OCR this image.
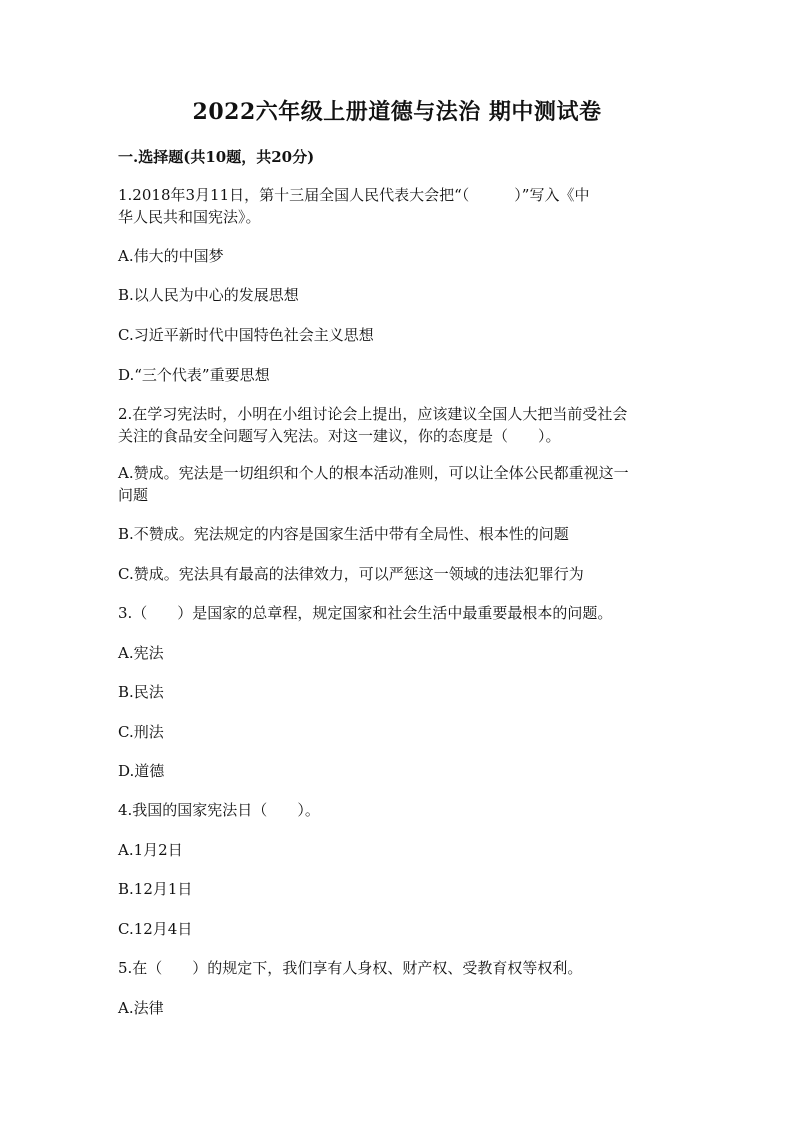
2022六年级上册道德与法治 期中测试卷
一.选择题(共10题，共20分)
1.2018年3月11日，第十三届全国人民代表大会把“（　　　）”写入《中
华人民共和国宪法》。
A.伟大的中国梦
B.以人民为中心的发展思想
C.习近平新时代中国特色社会主义思想
D.“三个代表”重要思想
2.在学习宪法时，小明在小组讨论会上提出，应该建议全国人大把当前受社会
关注的食品安全问题写入宪法。对这一建议，你的态度是（　　）。
A.赞成。宪法是一切组织和个人的根本活动准则，可以让全体公民都重视这一
问题
B.不赞成。宪法规定的内容是国家生活中带有全局性、根本性的问题
C.赞成。宪法具有最高的法律效力，可以严惩这一领域的违法犯罪行为
3.（　　）是国家的总章程，规定国家和社会生活中最重要最根本的问题。
A.宪法
B.民法
C.刑法
D.道德
4.我国的国家宪法日（　　）。
A.1月2日
B.12月1日
C.12月4日
5.在（　　）的规定下，我们享有人身权、财产权、受教育权等权利。
A.法律
